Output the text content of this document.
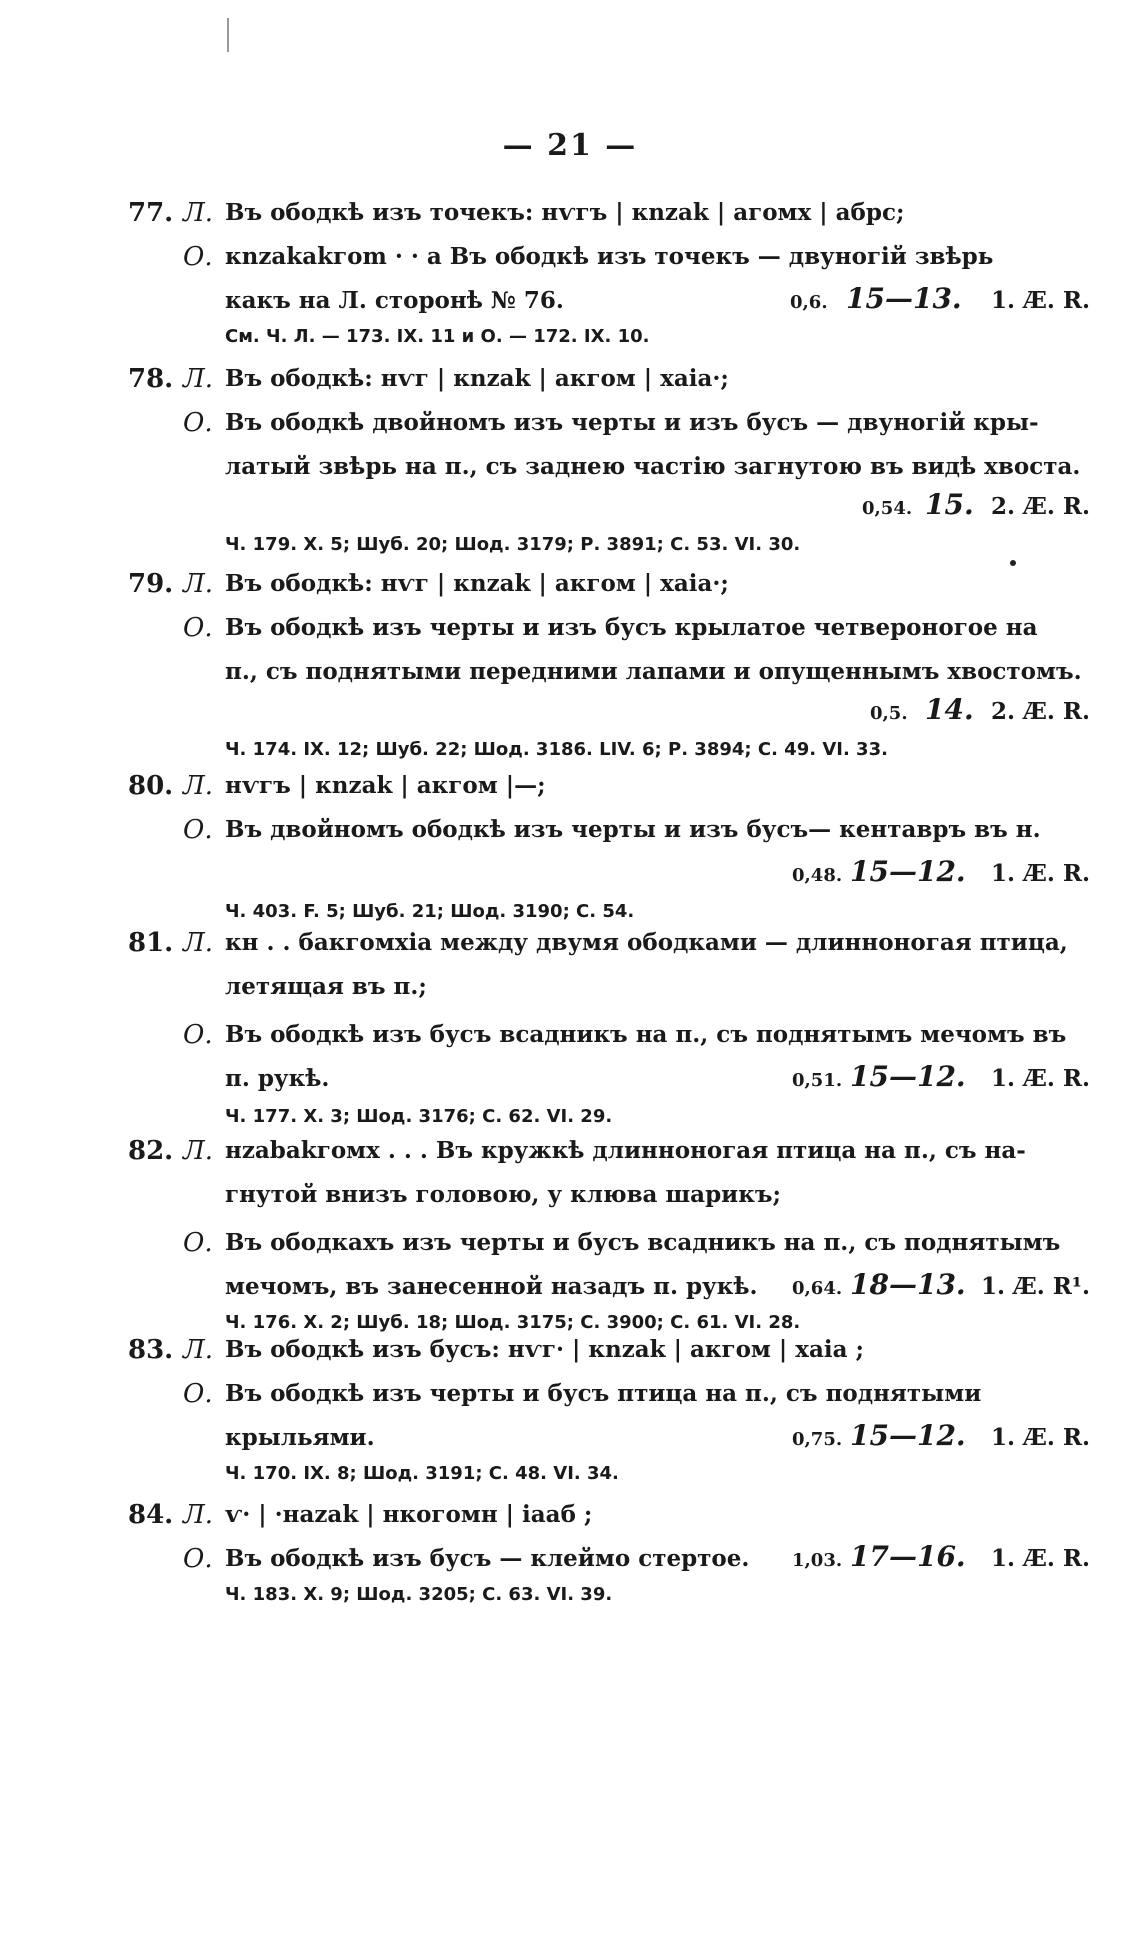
— 21 —
77. Л. Въ ободкѣ изъ точекъ: нѵгъ | кnzak | агомх | абрс;
О. кnzakakгom · · a Въ ободкѣ изъ точекъ — двуногій звѣрь
какъ на Л. сторонѣ № 76.	0,6. 15—13. 1. Æ. R.
См. Ч. Л. — 173. IX. 11 и О. — 172. IX. 10.
78. Л. Въ ободкѣ: нѵг | кnzak | акгом | хаіа·;
О. Въ ободкѣ двойномъ изъ черты и изъ бусъ — двуногій кры-
латый звѣрь на п., съ заднею частію загнутою въ видѣ хвоста.
0,54. 15. 2. Æ. R.
Ч. 179. X. 5; Шуб. 20; Шод. 3179; Р. 3891; С. 53. VI. 30.
79. Л. Въ ободкѣ: нѵг | кnzak | акгом | хаіа·;
О. Въ ободкѣ изъ черты и изъ бусъ крылатое четвероногое на
п., съ поднятыми передними лапами и опущеннымъ хвостомъ.
0,5. 14. 2. Æ. R.
Ч. 174. IX. 12; Шуб. 22; Шод. 3186. LIV. 6; Р. 3894; С. 49. VI. 33.
80. Л. нѵгъ | кnzak | акгом |—;
О. Въ двойномъ ободкѣ изъ черты и изъ бусъ— кентавръ въ н.
0,48. 15—12. 1. Æ. R.
Ч. 403. F. 5; Шуб. 21; Шод. 3190; С. 54.
81. Л. кн . . бaкгомхіа между двумя ободками — длинноногая птица,
летящая въ п.;
О. Въ ободкѣ изъ бусъ всадникъ на п., съ поднятымъ мечомъ въ
п. рукѣ.	0,51. 15—12. 1. Æ. R.
Ч. 177. X. 3; Шод. 3176; С. 62. VI. 29.
82. Л. нzabakгомх . . . Въ кружкѣ длинноногая птица на п., съ на-
гнутой внизъ головою, у клюва шарикъ;
О. Въ ободкахъ изъ черты и бусъ всадникъ на п., съ поднятымъ
мечомъ, въ занесенной назадъ п. рукѣ. 0,64. 18—13. 1. Æ. R¹.
Ч. 176. X. 2; Шуб. 18; Шод. 3175; С. 3900; С. 61. VI. 28.
83. Л. Въ ободкѣ изъ бусъ: нѵг· | кnzak | акгом | хаіа ;
О. Въ ободкѣ изъ черты и бусъ птица на п., съ поднятыми
крыльями.	0,75. 15—12. 1. Æ. R.
Ч. 170. IX. 8; Шод. 3191; С. 48. VI. 34.
84. Л. ѵ· | ·нazak | нкогомн | іааб ;
О. Въ ободкѣ изъ бусъ — клеймо стертое. 1,03. 17—16. 1. Æ. R.
Ч. 183. X. 9; Шод. 3205; С. 63. VI. 39.
